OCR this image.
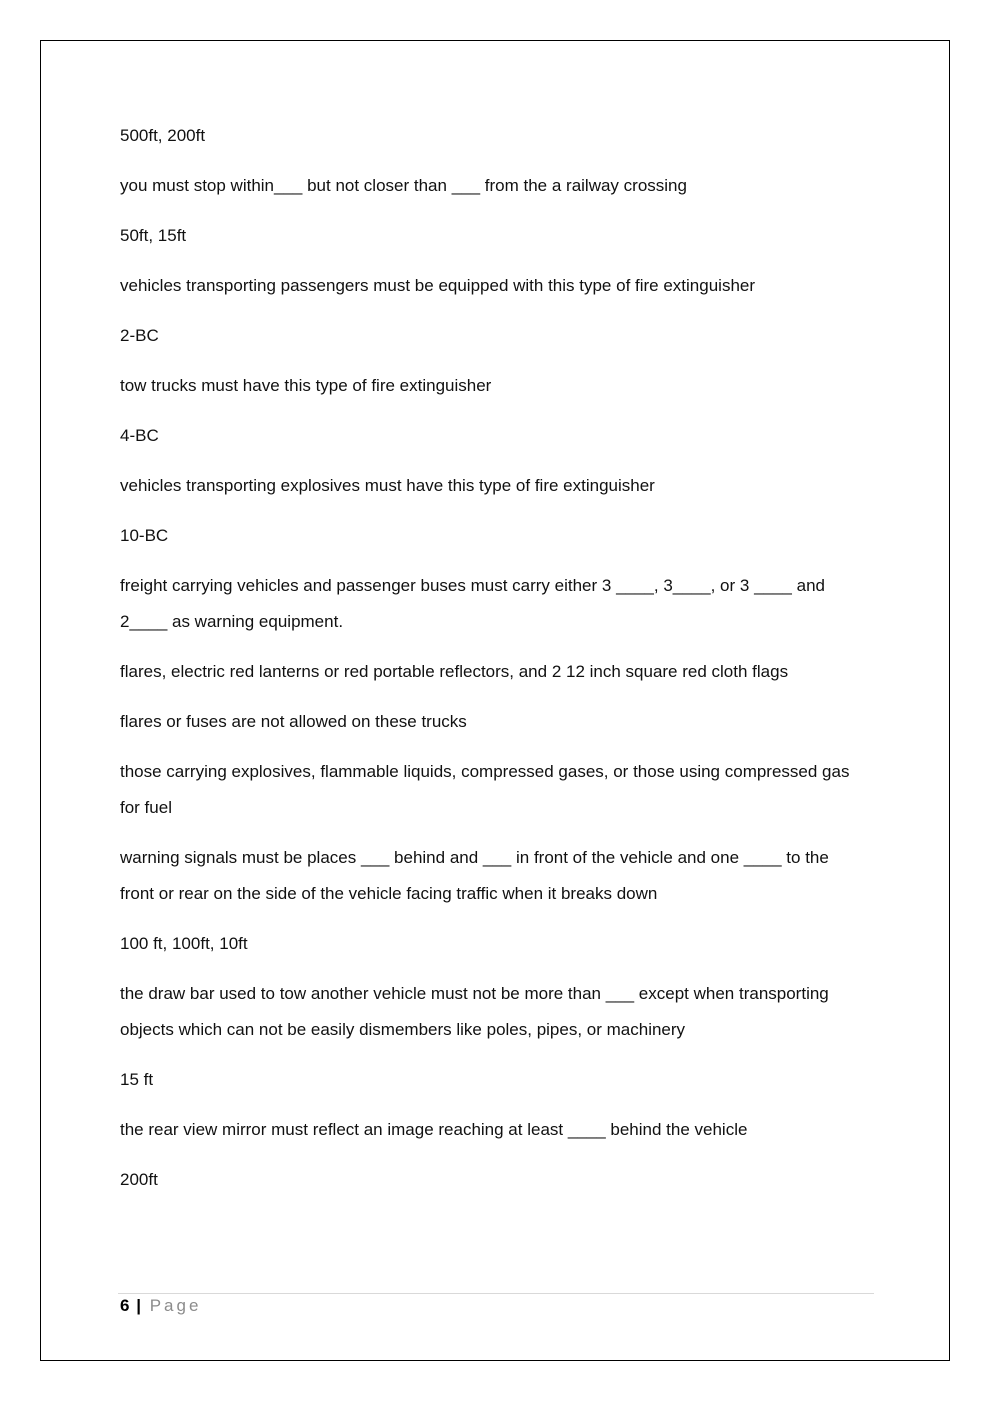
500ft, 200ft

you must stop within___ but not closer than ___ from the a railway crossing

50ft, 15ft

vehicles transporting passengers must be equipped with this type of fire extinguisher

2-BC

tow trucks must have this type of fire extinguisher

4-BC

vehicles transporting explosives must have this type of fire extinguisher

10-BC

freight carrying vehicles and passenger buses must carry either 3 ____, 3____, or 3 ____ and 2____ as warning equipment.

flares, electric red lanterns or red portable reflectors, and 2 12 inch square red cloth flags

flares or fuses are not allowed on these trucks

those carrying explosives, flammable liquids, compressed gases, or those using compressed gas for fuel

warning signals must be places ___ behind and ___ in front of the vehicle and one ____ to the front or rear on the side of the vehicle facing traffic when it breaks down

100 ft, 100ft, 10ft

the draw bar used to tow another vehicle must not be more than ___ except when transporting objects which can not be easily dismembers like poles, pipes, or machinery

15 ft

the rear view mirror must reflect an image reaching at least ____ behind the vehicle

200ft

6 | Page
